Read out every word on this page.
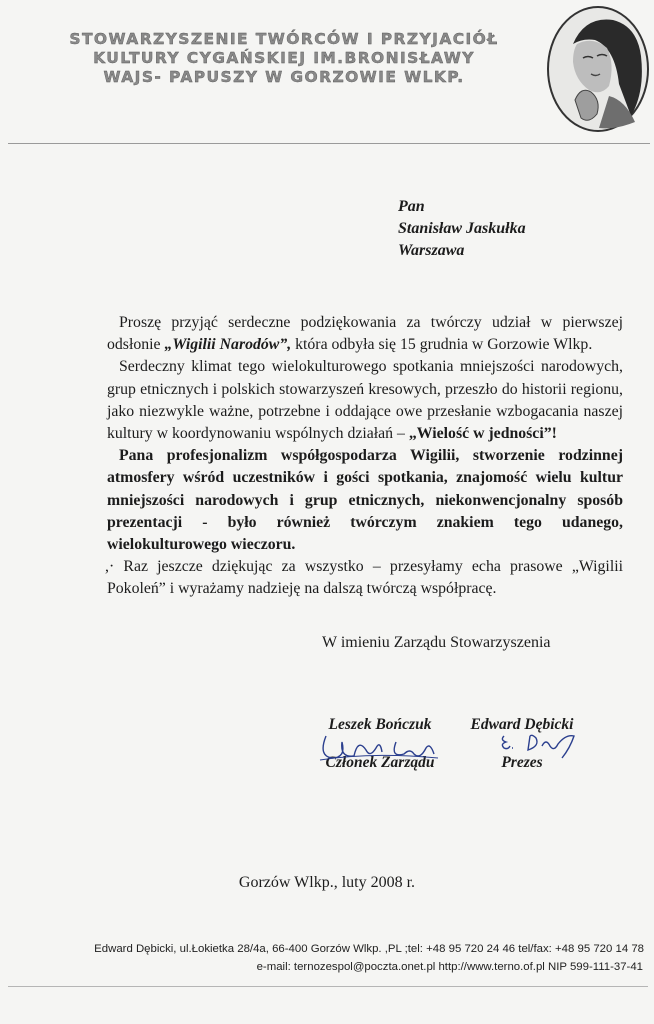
STOWARZYSZENIE TWÓRCÓW I PRZYJACIÓŁ
KULTURY CYGAŃSKIEJ IM.BRONISŁAWY
WAJS- PAPUSZY W GORZOWIE WLKP.
Pan
Stanisław Jaskułka
Warszawa

Proszę przyjąć serdeczne podziękowania za twórczy udział w pierwszej odsłonie „Wigilii Narodów”, która odbyła się 15 grudnia w Gorzowie Wlkp.

Serdeczny klimat tego wielokulturowego spotkania mniejszości narodowych, grup etnicznych i polskich stowarzyszeń kresowych, przeszło do historii regionu, jako niezwykle ważne, potrzebne i oddające owe przesłanie wzbogacania naszej kultury w koordynowaniu wspólnych działań – „Wielość w jedności”!

Pana profesjonalizm współgospodarza Wigilii, stworzenie rodzinnej atmosfery wśród uczestników i gości spotkania, znajomość wielu kultur mniejszości narodowych i grup etnicznych, niekonwencjonalny sposób prezentacji - było również twórczym znakiem tego udanego, wielokulturowego wieczoru.

,· Raz jeszcze dziękując za wszystko – przesyłamy echa prasowe „Wigilii Pokoleń” i wyrażamy nadzieję na dalszą twórczą współpracę.

W imieniu Zarządu Stowarzyszenia
Leszek Bończuk
Członek Zarządu
Edward Dębicki
Prezes
Gorzów Wlkp., luty 2008 r.
Edward Dębicki, ul.Łokietka 28/4a, 66-400 Gorzów Wlkp. ,PL ;tel: +48 95 720 24 46 tel/fax: +48 95 720 14 78
e-mail: ternozespol@poczta.onet.pl http://www.terno.of.pl NIP 599-111-37-41
